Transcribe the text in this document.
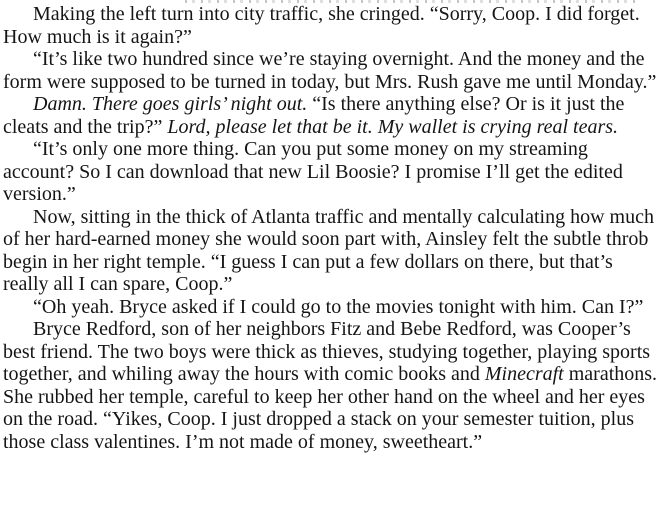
Making the left turn into city traffic, she cringed. “Sorry, Coop. I did forget. How much is it again?”

“It’s like two hundred since we’re staying overnight. And the money and the form were supposed to be turned in today, but Mrs. Rush gave me until Monday.”

Damn. There goes girls’ night out. “Is there anything else? Or is it just the cleats and the trip?” Lord, please let that be it. My wallet is crying real tears.

“It’s only one more thing. Can you put some money on my streaming account? So I can download that new Lil Boosie? I promise I’ll get the edited version.”

Now, sitting in the thick of Atlanta traffic and mentally calculating how much of her hard-earned money she would soon part with, Ainsley felt the subtle throb begin in her right temple. “I guess I can put a few dollars on there, but that’s really all I can spare, Coop.”

“Oh yeah. Bryce asked if I could go to the movies tonight with him. Can I?”

Bryce Redford, son of her neighbors Fitz and Bebe Redford, was Cooper’s best friend. The two boys were thick as thieves, studying together, playing sports together, and whiling away the hours with comic books and Minecraft marathons. She rubbed her temple, careful to keep her other hand on the wheel and her eyes on the road. “Yikes, Coop. I just dropped a stack on your semester tuition, plus those class valentines. I’m not made of money, sweetheart.”
